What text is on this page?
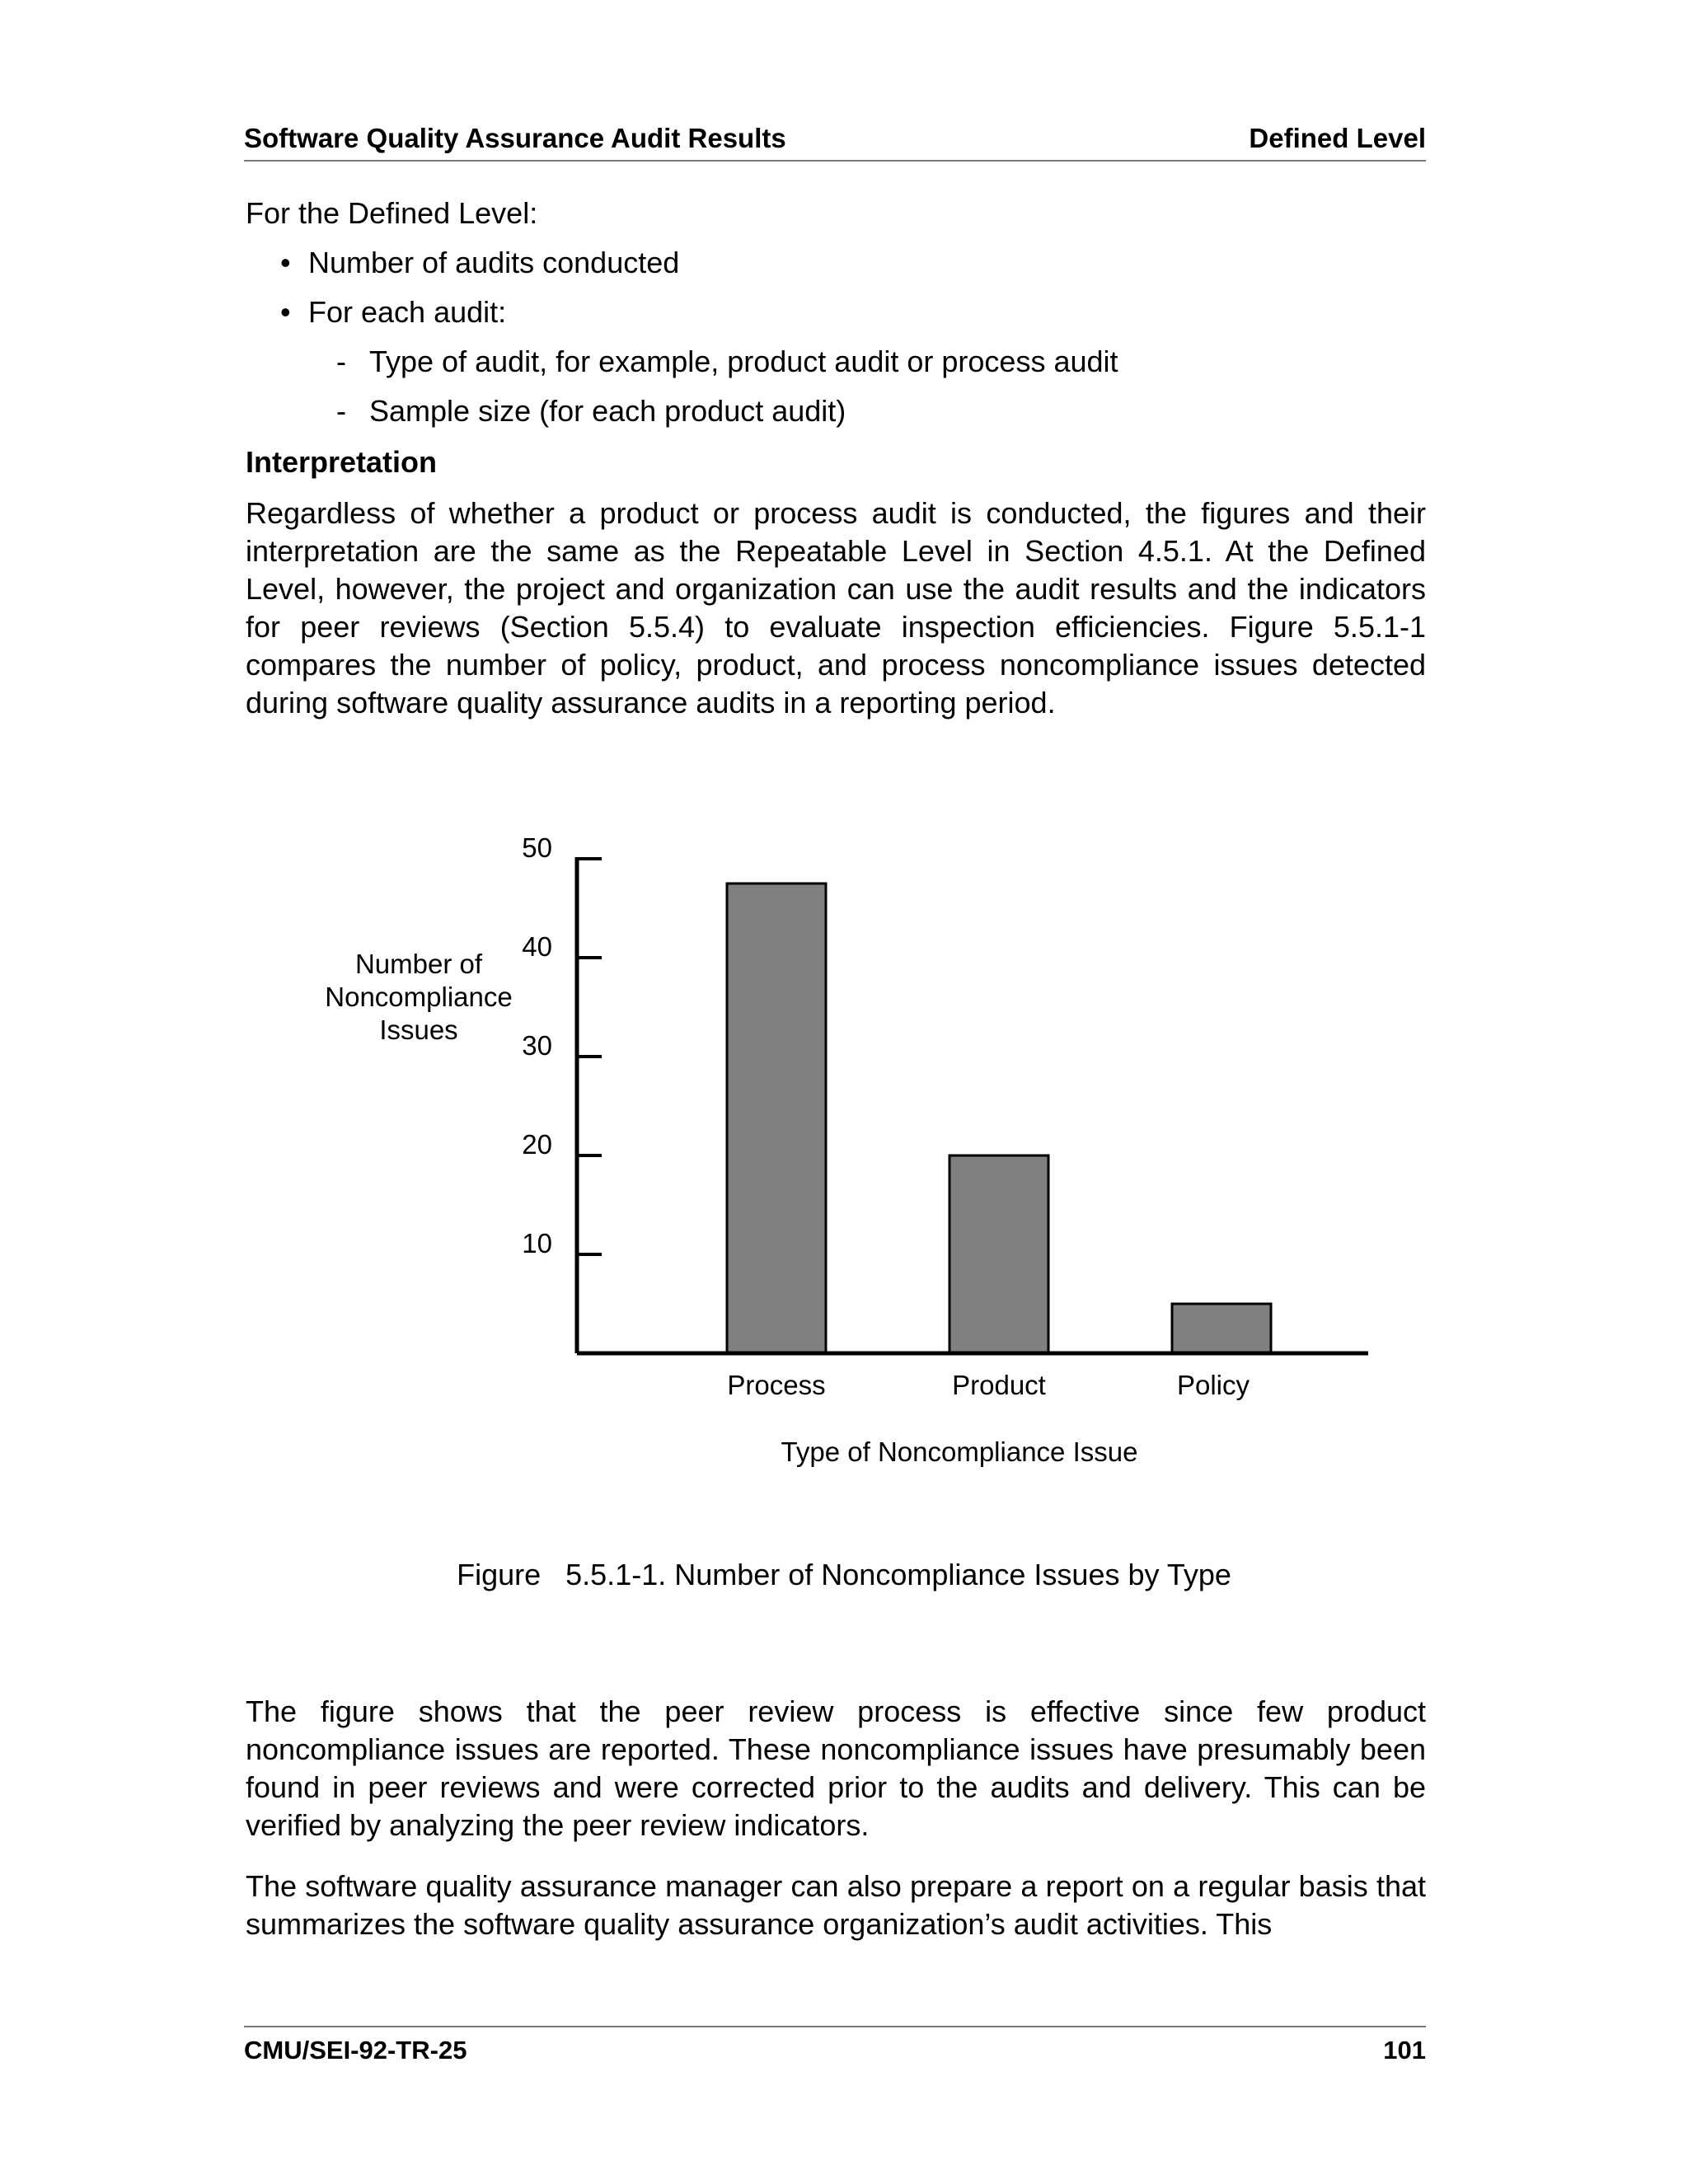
Software Quality Assurance Audit Results	Defined Level

For the Defined Level:

• Number of audits conducted
• For each audit:
- Type of audit, for example, product audit or process audit
- Sample size (for each product audit)
Interpretation

Regardless of whether a product or process audit is conducted, the figures and their interpretation are the same as the Repeatable Level in Section 4.5.1. At the Defined Level, however, the project and organization can use the audit results and the indicators for peer reviews (Section 5.5.4) to evaluate inspection efficiencies. Figure 5.5.1-1 compares the number of policy, product, and process noncompliance issues detected during software quality assurance audits in a reporting period.

Number of
Noncompliance
Issues
10
20
30
40
50
Process	Product	Policy
Type of Noncompliance Issue
Figure   5.5.1-1. Number of Noncompliance Issues by Type

The figure shows that the peer review process is effective since few product noncompliance issues are reported. These noncompliance issues have presumably been found in peer reviews and were corrected prior to the audits and delivery. This can be verified by analyzing the peer review indicators.

The software quality assurance manager can also prepare a report on a regular basis that summarizes the software quality assurance organization’s audit activities. This

CMU/SEI-92-TR-25	101
